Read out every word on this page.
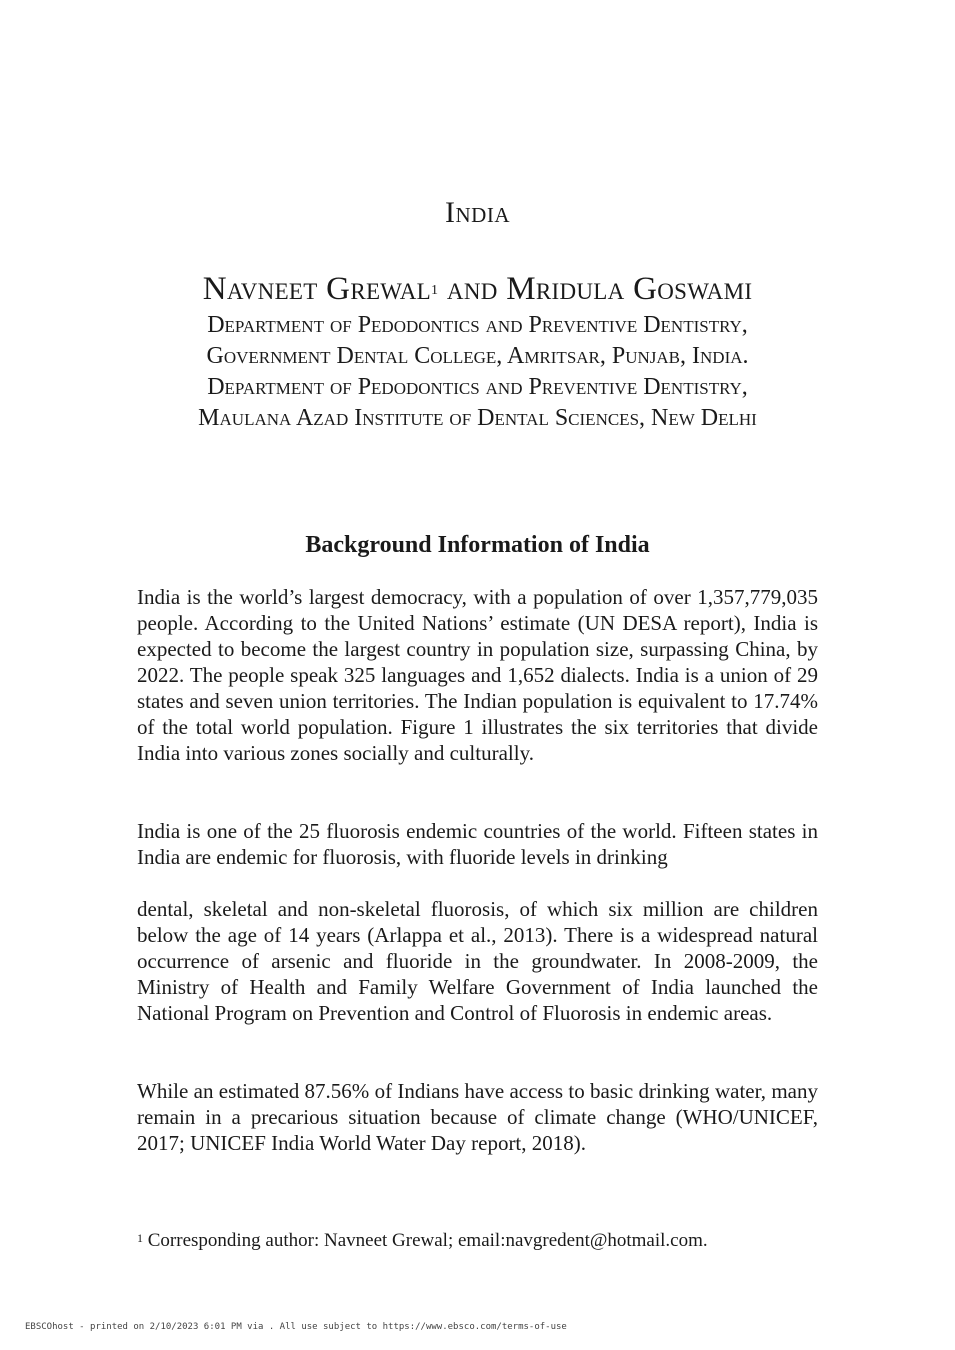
India
Navneet Grewal$^1$ and Mridula Goswami
Department of Pedodontics and Preventive Dentistry,
Government Dental College, Amritsar, Punjab, India.
Department of Pedodontics and Preventive Dentistry,
Maulana Azad Institute of Dental Sciences, New Delhi
Background Information of India

India is the world’s largest democracy, with a population of over 1,357,779,035 people. According to the United Nations’ estimate (UN DESA report), India is expected to become the largest country in population size, surpassing China, by 2022. The people speak 325 languages and 1,652 dialects. India is a union of 29 states and seven union territories. The Indian population is equivalent to 17.74% of the total world population. Figure 1 illustrates the six territories that divide India into various zones socially and culturally.

India is one of the 25 fluorosis endemic countries of the world. Fifteen states in India are endemic for fluorosis, with fluoride levels in drinking

dental, skeletal and non-skeletal fluorosis, of which six million are children below the age of 14 years (Arlappa et al., 2013). There is a widespread natural occurrence of arsenic and fluoride in the groundwater. In 2008-2009, the Ministry of Health and Family Welfare Government of India launched the National Program on Prevention and Control of Fluorosis in endemic areas.

While an estimated 87.56% of Indians have access to basic drinking water, many remain in a precarious situation because of climate change (WHO/UNICEF, 2017; UNICEF India World Water Day report, 2018).

$^1$ Corresponding author: Navneet Grewal; email:navgredent@hotmail.com.
EBSCOhost - printed on 2/10/2023 6:01 PM via . All use subject to https://www.ebsco.com/terms-of-use
